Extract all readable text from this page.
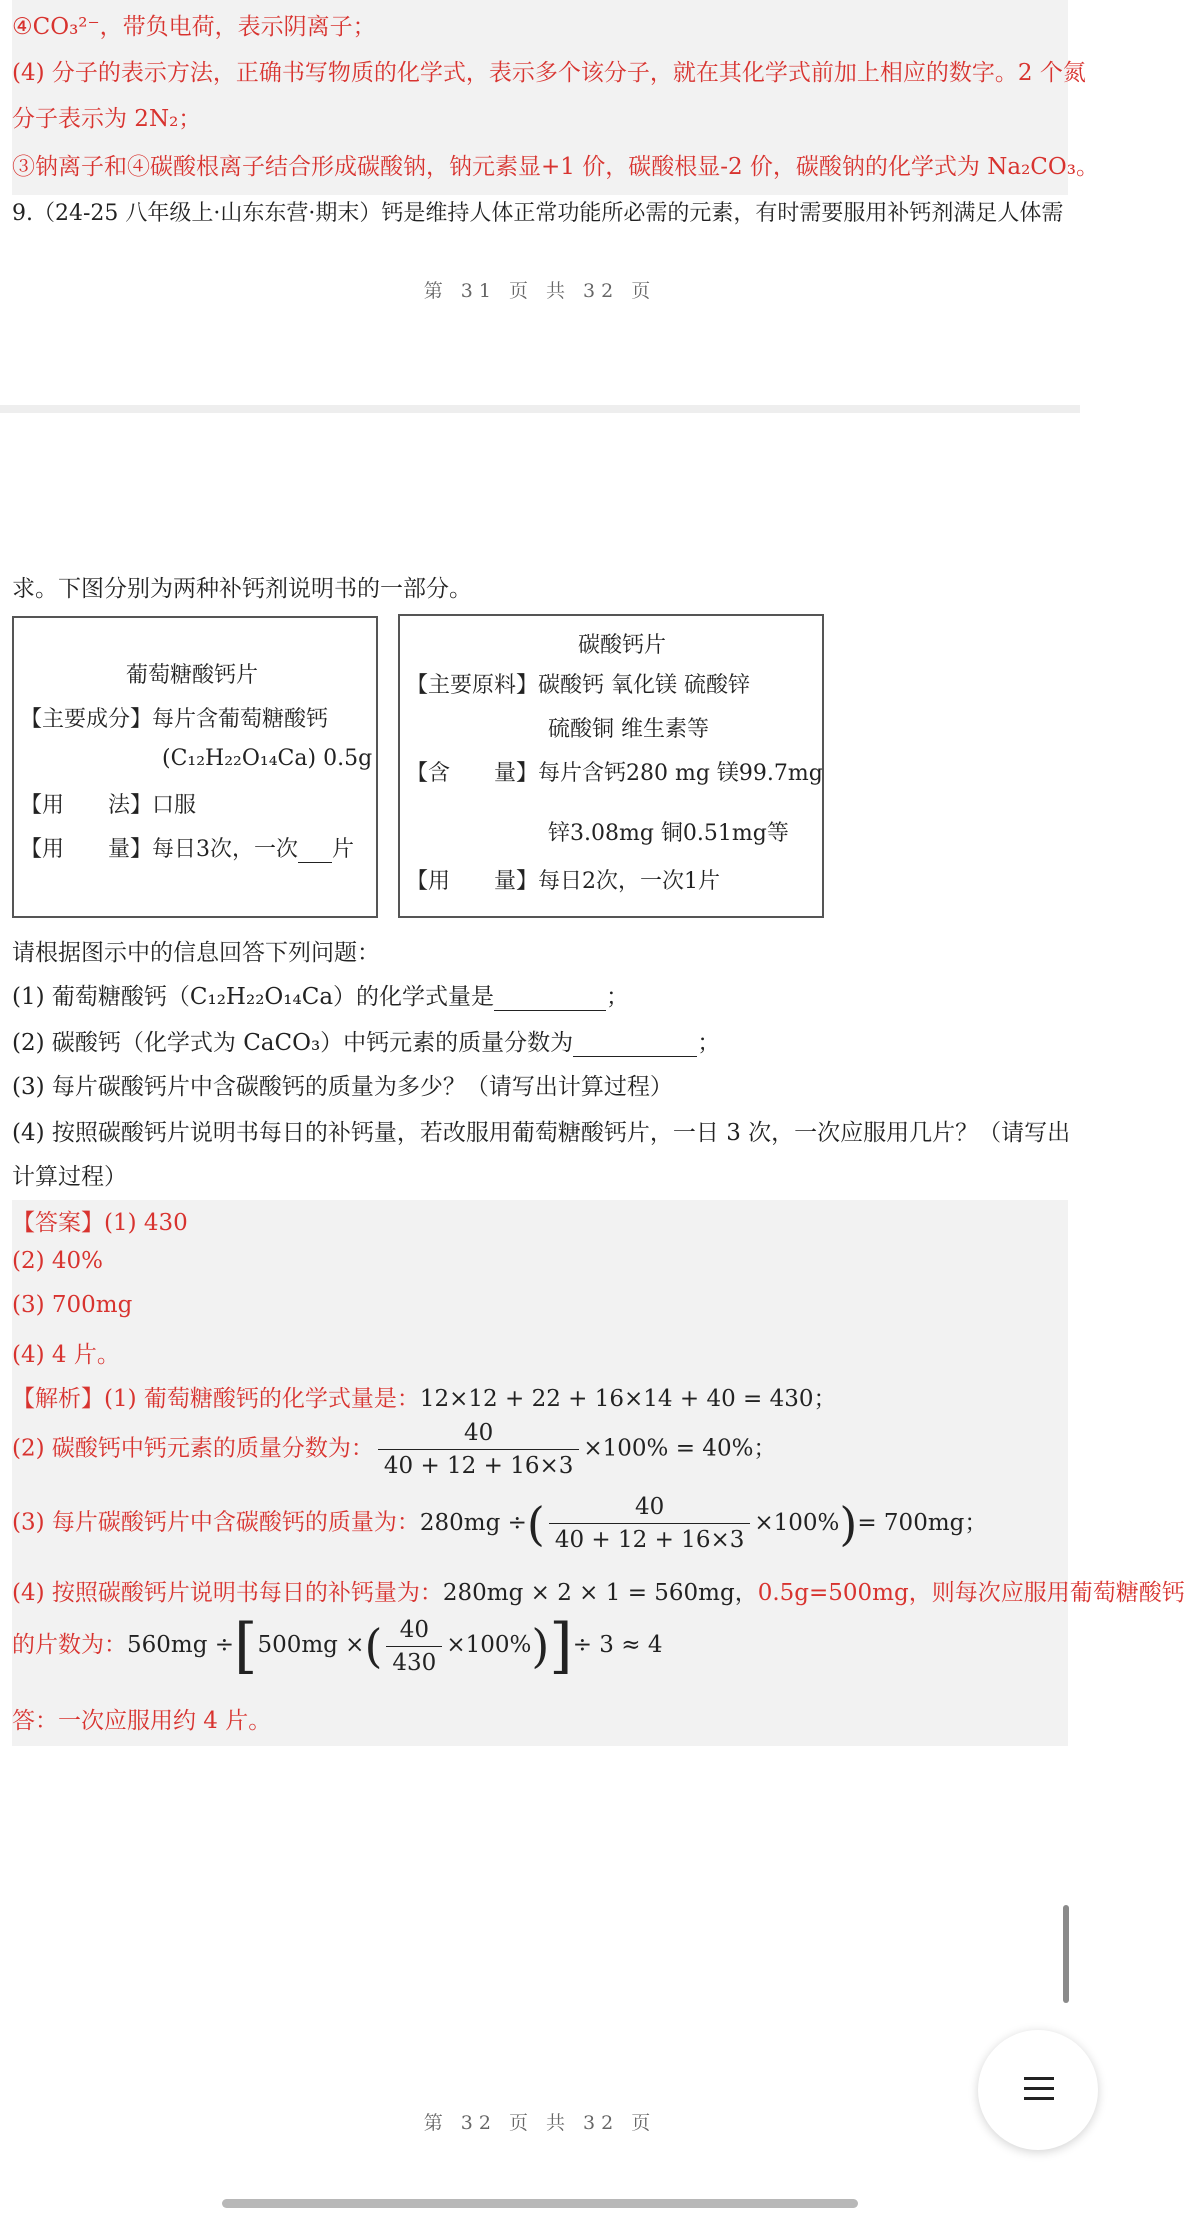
④CO₃²⁻，带负电荷，表示阴离子；
(4) 分子的表示方法，正确书写物质的化学式，表示多个该分子，就在其化学式前加上相应的数字。2 个氮
分子表示为 2N₂；
③钠离子和④碳酸根离子结合形成碳酸钠，钠元素显+1 价，碳酸根显-2 价，碳酸钠的化学式为 Na₂CO₃。
9.（24-25 八年级上·山东东营·期末）钙是维持人体正常功能所必需的元素，有时需要服用补钙剂满足人体需
第 31 页 共 32 页
求。下图分别为两种补钙剂说明书的一部分。
葡萄糖酸钙片
【主要成分】每片含葡萄糖酸钙
(C₁₂H₂₂O₁₄Ca) 0.5g
【用　　法】口服
【用　　量】每日3次，一次 片
碳酸钙片
【主要原料】碳酸钙 氧化镁 硫酸锌
硫酸铜 维生素等
【含　　量】每片含钙280 mg 镁99.7mg
锌3.08mg 铜0.51mg等
【用　　量】每日2次，一次1片
请根据图示中的信息回答下列问题：
(1) 葡萄糖酸钙（C₁₂H₂₂O₁₄Ca）的化学式量是	；
(2) 碳酸钙（化学式为 CaCO₃）中钙元素的质量分数为	；
(3) 每片碳酸钙片中含碳酸钙的质量为多少？（请写出计算过程）
(4) 按照碳酸钙片说明书每日的补钙量，若改服用葡萄糖酸钙片，一日 3 次，一次应服用几片？（请写出
计算过程）
【答案】(1) 430
(2) 40%
(3) 700mg
(4) 4 片。
【解析】(1) 葡萄糖酸钙的化学式量是：12×12 + 22 + 16×14 + 40 = 430；
(2) 碳酸钙中钙元素的质量分数为： $\frac{40}{40 + 12 + 16\times 3} \times 100\% = 40\%$；
(3) 每片碳酸钙片中含碳酸钙的质量为：280mg ÷( $\frac{40}{40 + 12 + 16\times 3} \times 100\%)= 700mg$；
(4) 按照碳酸钙片说明书每日的补钙量为：280mg × 2 × 1 = 560mg，0.5g=500mg，则每次应服用葡萄糖酸钙
的片数为：560mg ÷[500mg ×( $\frac{40}{430} \times 100\%)]\div 3 \approx 4$
答：一次应服用约 4 片。
第 32 页 共 32 页
